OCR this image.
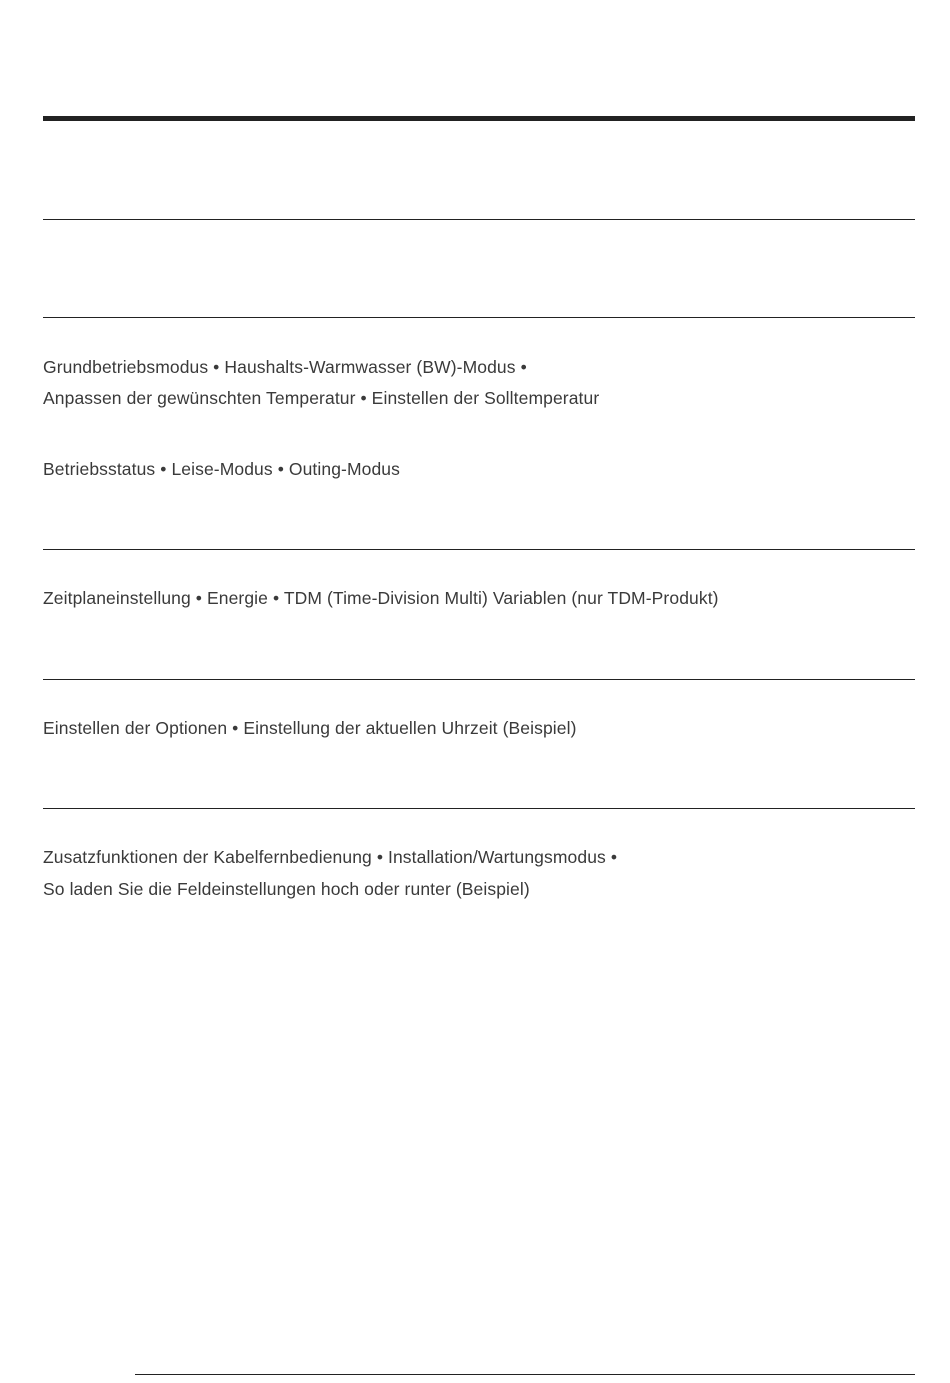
Grundbetriebsmodus • Haushalts-Warmwasser (BW)-Modus •
Anpassen der gewünschten Temperatur • Einstellen der Solltemperatur
Betriebsstatus • Leise-Modus • Outing-Modus
Zeitplaneinstellung • Energie • TDM (Time-Division Multi) Variablen (nur TDM-Produkt)
Einstellen der Optionen • Einstellung der aktuellen Uhrzeit (Beispiel)
Zusatzfunktionen der Kabelfernbedienung • Installation/Wartungsmodus •
So laden Sie die Feldeinstellungen hoch oder runter (Beispiel)
